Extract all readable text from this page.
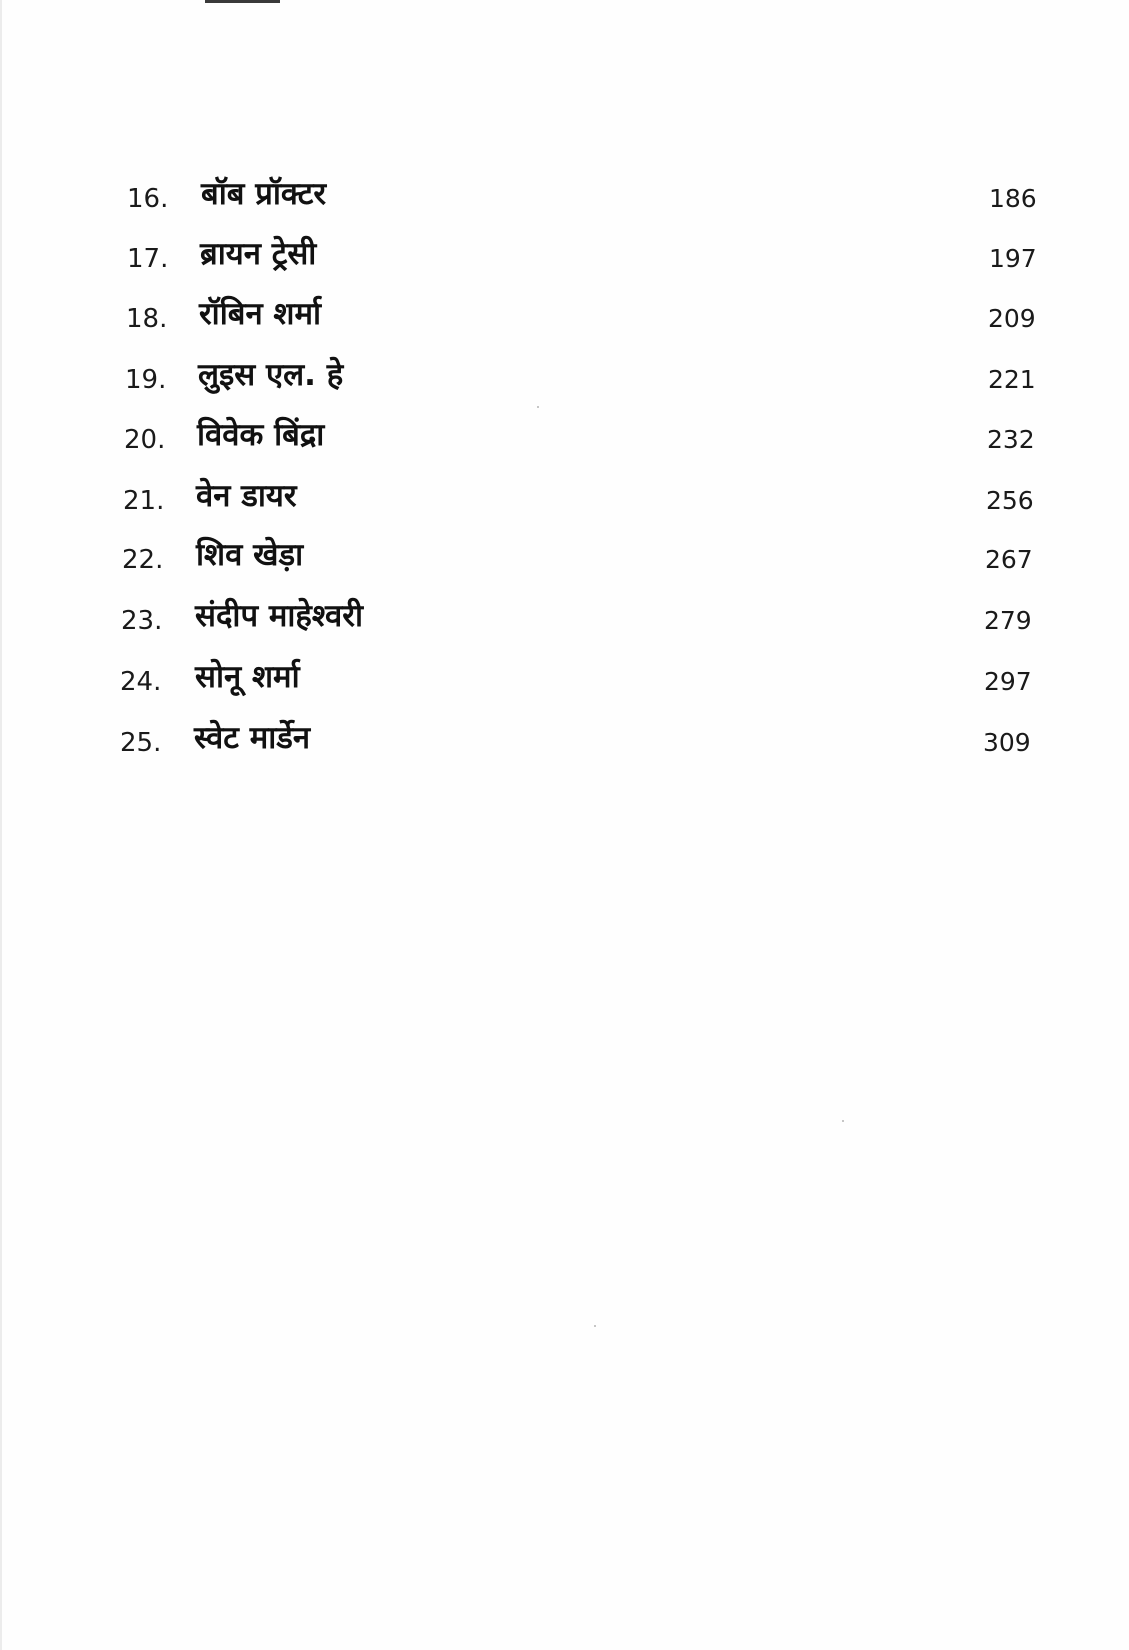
16. बॉब प्रॉक्टर	186
17. ब्रायन ट्रेसी	197
18. रॉबिन शर्मा	209
19. लुइस एल. हे	221
20. विवेक बिंद्रा	232
21. वेन डायर	256
22. शिव खेड़ा	267
23. संदीप माहेश्वरी	279
24. सोनू शर्मा	297
25. स्वेट मार्डेन	309
